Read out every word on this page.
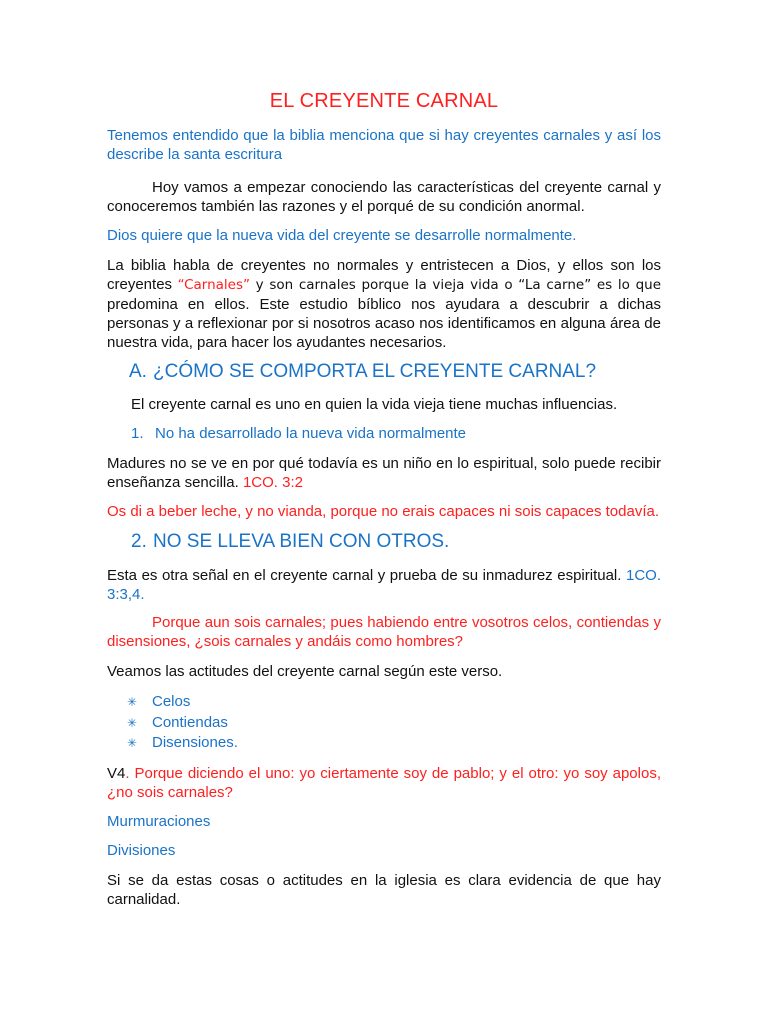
EL CREYENTE CARNAL
Tenemos entendido que la biblia menciona que si hay creyentes carnales y así los describe la santa escritura
Hoy vamos a empezar conociendo las características del creyente carnal y conoceremos también las razones y el porqué de su condición anormal.
Dios quiere que la nueva vida del creyente se desarrolle normalmente.
La biblia habla de creyentes no normales y entristecen a Dios, y ellos son los creyentes “Carnales” y son carnales porque la vieja vida o “La carne” es lo que predomina en ellos. Este estudio bíblico nos ayudara a descubrir a dichas personas y a reflexionar por si nosotros acaso nos identificamos en alguna área de nuestra vida, para hacer los ayudantes necesarios.
A. ¿CÓMO SE COMPORTA EL CREYENTE CARNAL?
El creyente carnal es uno en quien la vida vieja tiene muchas influencias.
1. No ha desarrollado la nueva vida normalmente
Madures no se ve en por qué todavía es un niño en lo espiritual, solo puede recibir enseñanza sencilla. 1CO. 3:2
Os di a beber leche, y no vianda, porque no erais capaces ni sois capaces todavía.
2. NO SE LLEVA BIEN CON OTROS.
Esta es otra señal en el creyente carnal y prueba de su inmadurez espiritual. 1CO. 3:3,4.
Porque aun sois carnales; pues habiendo entre vosotros celos, contiendas y disensiones, ¿sois carnales y andáis como hombres?
Veamos las actitudes del creyente carnal según este verso.
✳ Celos
✳ Contiendas
✳ Disensiones.
V4. Porque diciendo el uno: yo ciertamente soy de pablo; y el otro: yo soy apolos, ¿no sois carnales?
Murmuraciones
Divisiones
Si se da estas cosas o actitudes en la iglesia es clara evidencia de que hay carnalidad.
